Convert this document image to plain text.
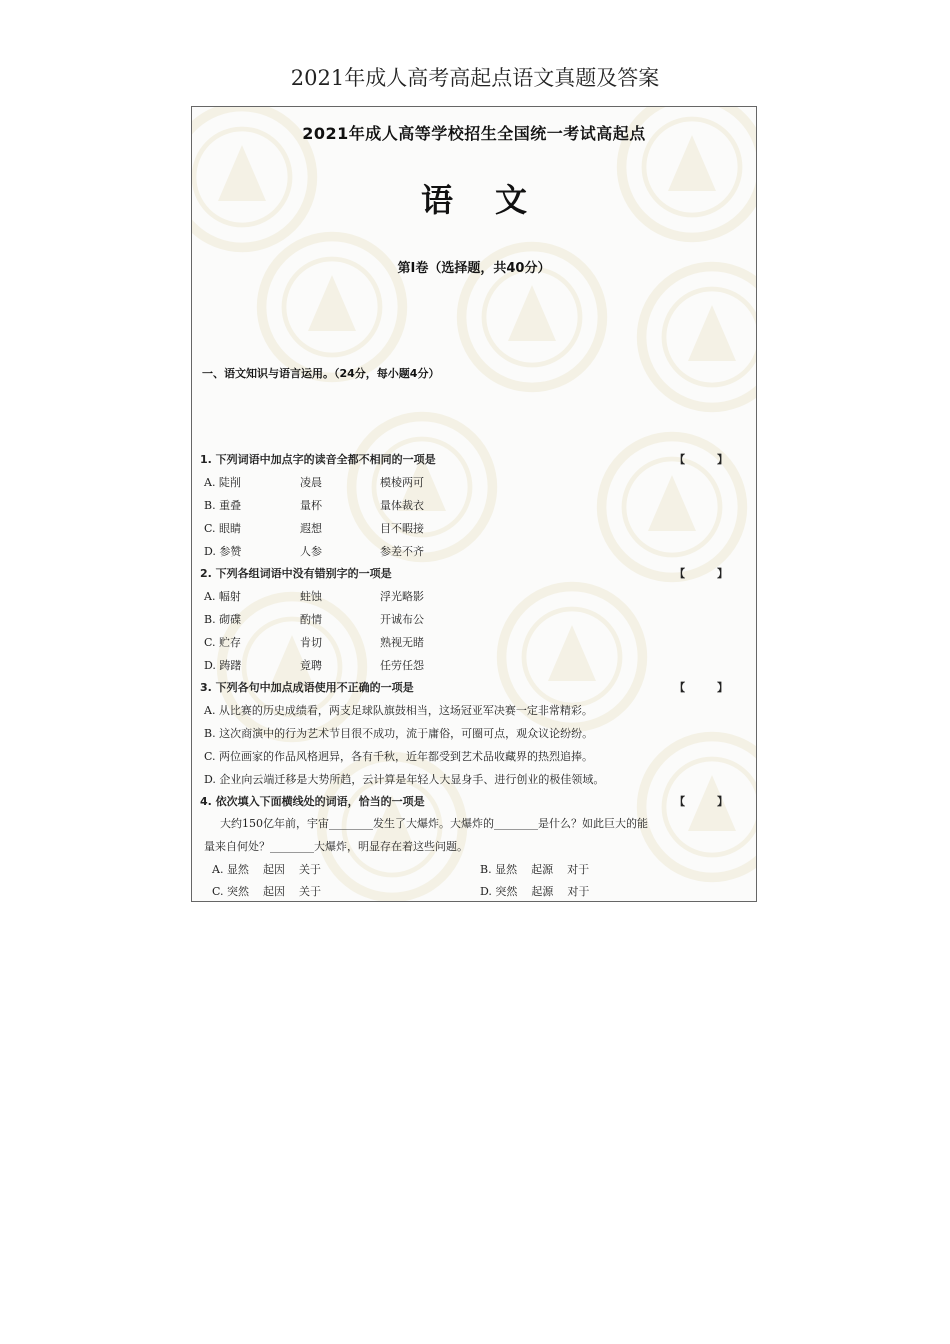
2021年成人高考高起点语文真题及答案
2021年成人高等学校招生全国统一考试高起点
语 文
第Ⅰ卷（选择题，共40分）
一、语文知识与语言运用。（24分，每小题4分）
1. 下列词语中加点字的读音全都不相同的一项是	【 】
A. 陡削	凌晨	模棱两可
B. 重叠	量杯	量体裁衣
C. 眼睛	遐想	目不暇接
D. 参赞	人参	参差不齐
2. 下列各组词语中没有错别字的一项是	【 】
A. 幅射	蛀蚀	浮光略影
B. 砌碟	酌情	开诚布公
C. 贮存	肯切	熟视无睹
D. 踌躇	竟聘	任劳任怨
3. 下列各句中加点成语使用不正确的一项是	【 】
A. 从比赛的历史成绩看，两支足球队旗鼓相当，这场冠亚军决赛一定非常精彩。
B. 这次商演中的行为艺术节目很不成功，流于庸俗，可圈可点，观众议论纷纷。
C. 两位画家的作品风格迥异，各有千秋，近年都受到艺术品收藏界的热烈追捧。
D. 企业向云端迁移是大势所趋，云计算是年轻人大显身手、进行创业的极佳领域。
4. 依次填入下面横线处的词语，恰当的一项是	【 】
大约150亿年前，宇宙________发生了大爆炸。大爆炸的________是什么？如此巨大的能
量来自何处？________大爆炸，明显存在着这些问题。
A. 显然 起因 关于	B. 显然 起源 对于
C. 突然 起因 关于	D. 突然 起源 对于
